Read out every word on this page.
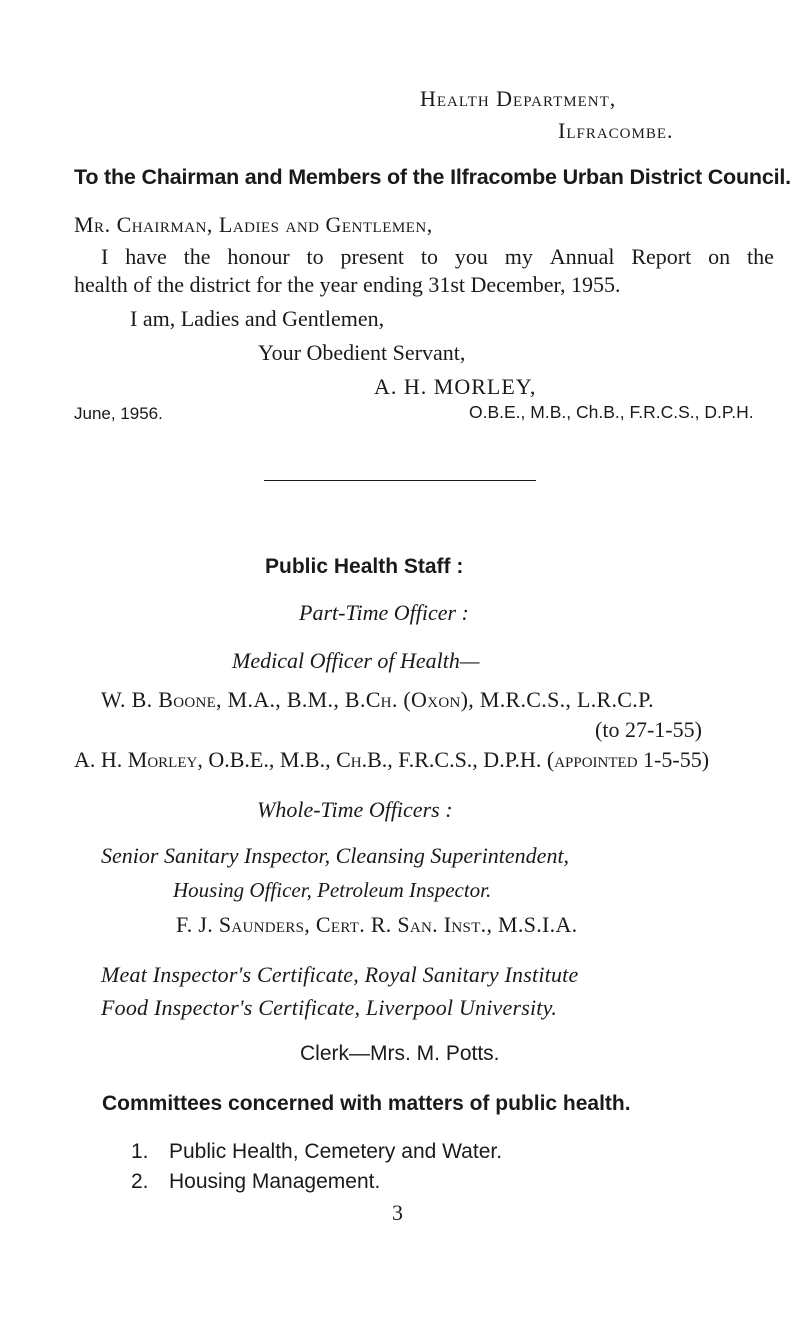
Health Department,
Ilfracombe.
To the Chairman and Members of the Ilfracombe Urban District Council.
Mr. Chairman, Ladies and Gentlemen,
I have the honour to present to you my Annual Report on the
health of the district for the year ending 31st December, 1955.
I am, Ladies and Gentlemen,
Your Obedient Servant,
A. H. MORLEY,
June, 1956.	O.B.E., M.B., Ch.B., F.R.C.S., D.P.H.
Public Health Staff :
Part-Time Officer :
Medical Officer of Health—
W. B. Boone, M.A., B.M., B.Ch. (Oxon), M.R.C.S., L.R.C.P.
(to 27-1-55)
A. H. Morley, O.B.E., M.B., Ch.B., F.R.C.S., D.P.H. (appointed 1-5-55)
Whole-Time Officers :
Senior Sanitary Inspector, Cleansing Superintendent,
Housing Officer, Petroleum Inspector.
F. J. Saunders, Cert. R. San. Inst., M.S.I.A.
Meat Inspector's Certificate, Royal Sanitary Institute
Food Inspector's Certificate, Liverpool University.
Clerk—Mrs. M. Potts.
Committees concerned with matters of public health.
1. Public Health, Cemetery and Water.
2. Housing Management.
3
